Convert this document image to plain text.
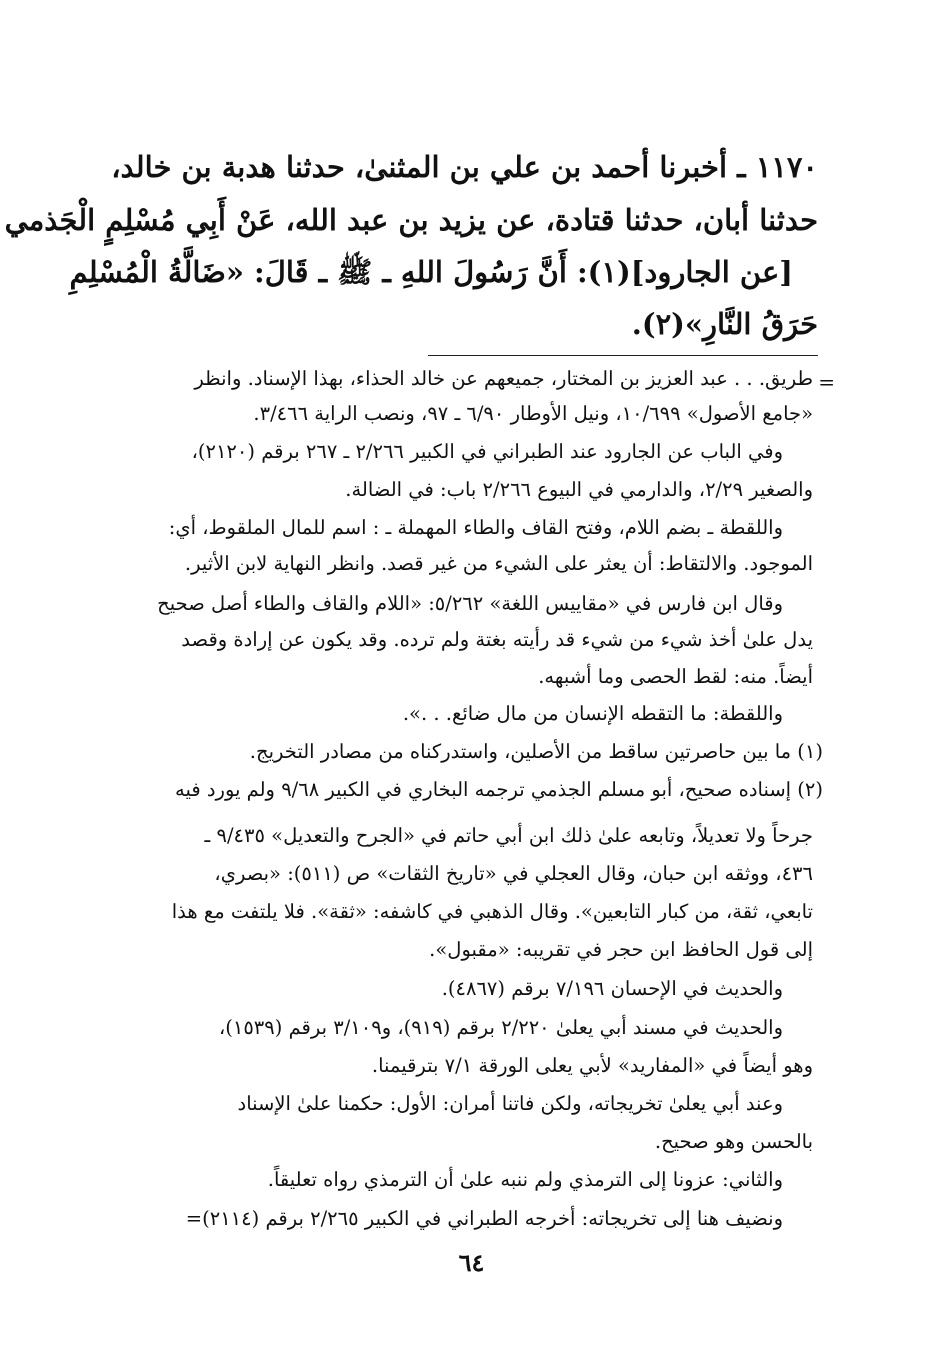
١١٧٠ ـ أخبرنا أحمد بن علي بن المثنىٰ، حدثنا هدبة بن خالد،
حدثنا أبان، حدثنا قتادة، عن يزيد بن عبد الله، عَنْ أَبِي مُسْلِمٍ الْجَذمي
[عن الجارود](١): أَنَّ رَسُولَ اللهِ ـ ﷺ ـ قَالَ: «ضَالَّةُ الْمُسْلِمِ
حَرَقُ النَّارِ»(٢).
=
طريق. . . عبد العزيز بن المختار، جميعهم عن خالد الحذاء، بهذا الإسناد. وانظر
«جامع الأصول» ١٠/٦٩٩، ونيل الأوطار ٦/٩٠ ـ ٩٧، ونصب الراية ٣/٤٦٦.
وفي الباب عن الجارود عند الطبراني في الكبير ٢/٢٦٦ ـ ٢٦٧ برقم (٢١٢٠)،
والصغير ٢/٢٩، والدارمي في البيوع ٢/٢٦٦ باب: في الضالة.
واللقطة ـ بضم اللام، وفتح القاف والطاء المهملة ـ : اسم للمال الملقوط، أي:
الموجود. والالتقاط: أن يعثر على الشيء من غير قصد. وانظر النهاية لابن الأثير.
وقال ابن فارس في «مقاييس اللغة» ٥/٢٦٢: «اللام والقاف والطاء أصل صحيح
يدل علىٰ أخذ شيء من شيء قد رأيته بغتة ولم ترده. وقد يكون عن إرادة وقصد
أيضاً. منه: لقط الحصى وما أشبهه.
واللقطة: ما التقطه الإنسان من مال ضائع. . .».
(١) ما بين حاصرتين ساقط من الأصلين، واستدركناه من مصادر التخريج.
(٢) إسناده صحيح، أبو مسلم الجذمي ترجمه البخاري في الكبير ٩/٦٨ ولم يورد فيه
جرحاً ولا تعديلاً، وتابعه علىٰ ذلك ابن أبي حاتم في «الجرح والتعديل» ٩/٤٣٥ ـ
٤٣٦، ووثقه ابن حبان، وقال العجلي في «تاريخ الثقات» ص (٥١١): «بصري،
تابعي، ثقة، من كبار التابعين». وقال الذهبي في كاشفه: «ثقة». فلا يلتفت مع هذا
إلى قول الحافظ ابن حجر في تقريبه: «مقبول».
والحديث في الإحسان ٧/١٩٦ برقم (٤٨٦٧).
والحديث في مسند أبي يعلىٰ ٢/٢٢٠ برقم (٩١٩)، و٣/١٠٩ برقم (١٥٣٩)،
وهو أيضاً في «المفاريد» لأبي يعلى الورقة ٧/١ بترقيمنا.
وعند أبي يعلىٰ تخريجاته، ولكن فاتنا أمران: الأول: حكمنا علىٰ الإسناد
بالحسن وهو صحيح.
والثاني: عزونا إلى الترمذي ولم ننبه علىٰ أن الترمذي رواه تعليقاً.
ونضيف هنا إلى تخريجاته: أخرجه الطبراني في الكبير ٢/٢٦٥ برقم (٢١١٤)=
٦٤
